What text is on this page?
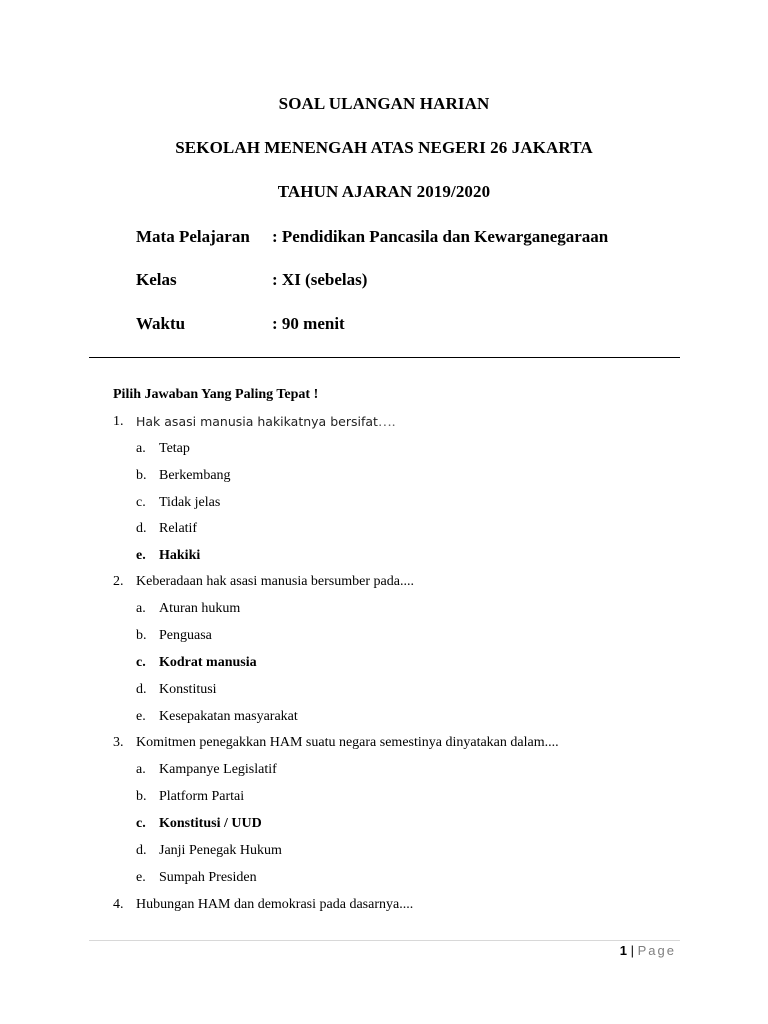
SOAL ULANGAN HARIAN
SEKOLAH MENENGAH ATAS NEGERI 26 JAKARTA
TAHUN AJARAN 2019/2020
Mata Pelajaran : Pendidikan Pancasila dan Kewarganegaraan
Kelas	: XI (sebelas)
Waktu	: 90 menit
Pilih Jawaban Yang Paling Tepat !
1.	Hak asasi manusia hakikatnya bersifat….
a. Tetap
b. Berkembang
c. Tidak jelas
d. Relatif
e. Hakiki
2. Keberadaan hak asasi manusia bersumber pada....
a. Aturan hukum
b. Penguasa
c. Kodrat manusia
d. Konstitusi
e. Kesepakatan masyarakat
3. Komitmen penegakkan HAM suatu negara semestinya dinyatakan dalam....
a. Kampanye Legislatif
b. Platform Partai
c. Konstitusi / UUD
d. Janji Penegak Hukum
e. Sumpah Presiden
4. Hubungan HAM dan demokrasi pada dasarnya....
1 | Page
